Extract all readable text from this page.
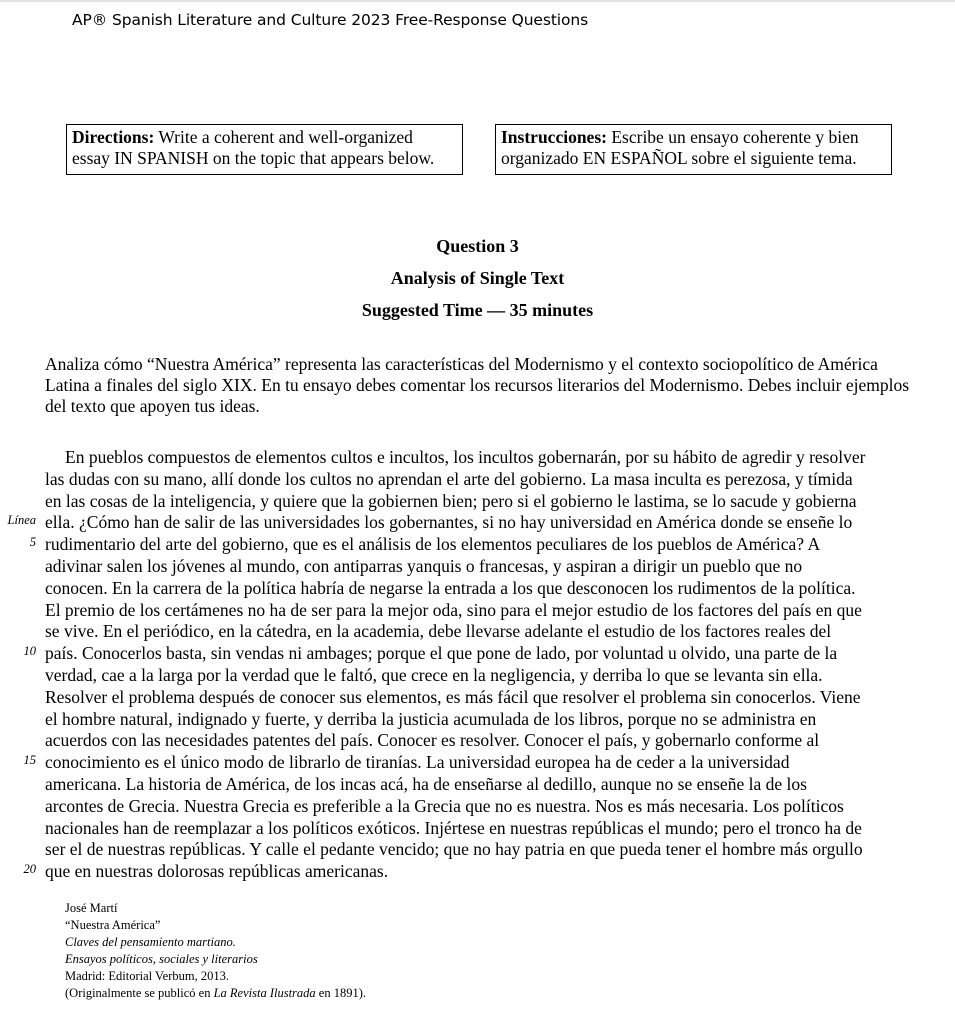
AP® Spanish Literature and Culture 2023 Free-Response Questions
Directions: Write a coherent and well-organized
essay IN SPANISH on the topic that appears below.
Instrucciones: Escribe un ensayo coherente y bien
organizado EN ESPAÑOL sobre el siguiente tema.
Question 3
Analysis of Single Text
Suggested Time — 35 minutes
Analiza cómo “Nuestra América” representa las características del Modernismo y el contexto sociopolítico de América Latina a finales del siglo XIX. En tu ensayo debes comentar los recursos literarios del Modernismo. Debes incluir ejemplos del texto que apoyen tus ideas.
Línea
5
10
15
20
En pueblos compuestos de elementos cultos e incultos, los incultos gobernarán, por su hábito de agredir y resolver
las dudas con su mano, allí donde los cultos no aprendan el arte del gobierno. La masa inculta es perezosa, y tímida
en las cosas de la inteligencia, y quiere que la gobiernen bien; pero si el gobierno le lastima, se lo sacude y gobierna
ella. ¿Cómo han de salir de las universidades los gobernantes, si no hay universidad en América donde se enseñe lo
rudimentario del arte del gobierno, que es el análisis de los elementos peculiares de los pueblos de América? A
adivinar salen los jóvenes al mundo, con antiparras yanquis o francesas, y aspiran a dirigir un pueblo que no
conocen. En la carrera de la política habría de negarse la entrada a los que desconocen los rudimentos de la política.
El premio de los certámenes no ha de ser para la mejor oda, sino para el mejor estudio de los factores del país en que
se vive. En el periódico, en la cátedra, en la academia, debe llevarse adelante el estudio de los factores reales del
país. Conocerlos basta, sin vendas ni ambages; porque el que pone de lado, por voluntad u olvido, una parte de la
verdad, cae a la larga por la verdad que le faltó, que crece en la negligencia, y derriba lo que se levanta sin ella.
Resolver el problema después de conocer sus elementos, es más fácil que resolver el problema sin conocerlos. Viene
el hombre natural, indignado y fuerte, y derriba la justicia acumulada de los libros, porque no se administra en
acuerdos con las necesidades patentes del país. Conocer es resolver. Conocer el país, y gobernarlo conforme al
conocimiento es el único modo de librarlo de tiranías. La universidad europea ha de ceder a la universidad
americana. La historia de América, de los incas acá, ha de enseñarse al dedillo, aunque no se enseñe la de los
arcontes de Grecia. Nuestra Grecia es preferible a la Grecia que no es nuestra. Nos es más necesaria. Los políticos
nacionales han de reemplazar a los políticos exóticos. Injértese en nuestras repúblicas el mundo; pero el tronco ha de
ser el de nuestras repúblicas. Y calle el pedante vencido; que no hay patria en que pueda tener el hombre más orgullo
que en nuestras dolorosas repúblicas americanas.
José Martí
“Nuestra América”
Claves del pensamiento martiano.
Ensayos políticos, sociales y literarios
Madrid: Editorial Verbum, 2013.
(Originalmente se publicó en La Revista Ilustrada en 1891).
